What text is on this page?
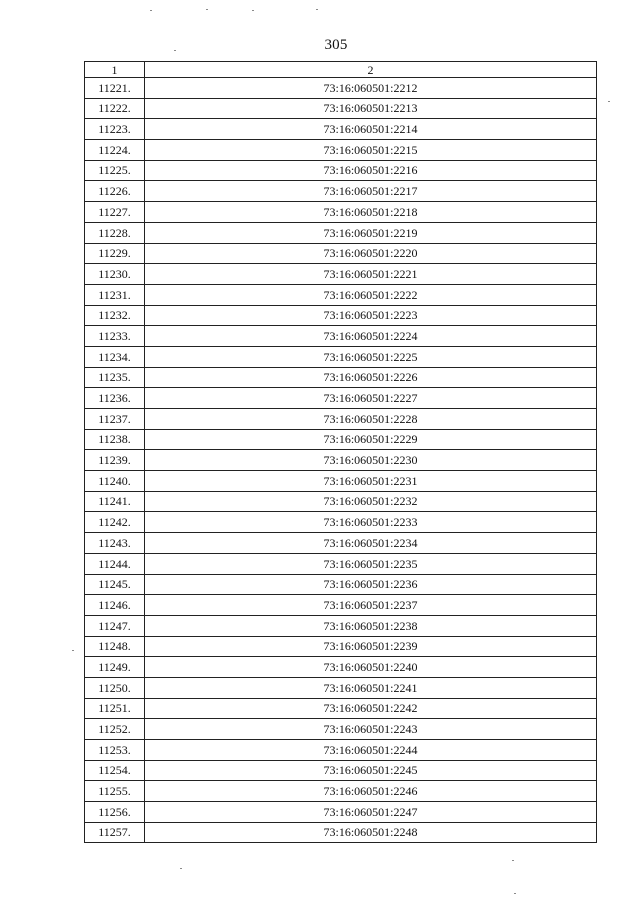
305
1	2
11221.	73:16:060501:2212
11222.	73:16:060501:2213
11223.	73:16:060501:2214
11224.	73:16:060501:2215
11225.	73:16:060501:2216
11226.	73:16:060501:2217
11227.	73:16:060501:2218
11228.	73:16:060501:2219
11229.	73:16:060501:2220
11230.	73:16:060501:2221
11231.	73:16:060501:2222
11232.	73:16:060501:2223
11233.	73:16:060501:2224
11234.	73:16:060501:2225
11235.	73:16:060501:2226
11236.	73:16:060501:2227
11237.	73:16:060501:2228
11238.	73:16:060501:2229
11239.	73:16:060501:2230
11240.	73:16:060501:2231
11241.	73:16:060501:2232
11242.	73:16:060501:2233
11243.	73:16:060501:2234
11244.	73:16:060501:2235
11245.	73:16:060501:2236
11246.	73:16:060501:2237
11247.	73:16:060501:2238
11248.	73:16:060501:2239
11249.	73:16:060501:2240
11250.	73:16:060501:2241
11251.	73:16:060501:2242
11252.	73:16:060501:2243
11253.	73:16:060501:2244
11254.	73:16:060501:2245
11255.	73:16:060501:2246
11256.	73:16:060501:2247
11257.	73:16:060501:2248
